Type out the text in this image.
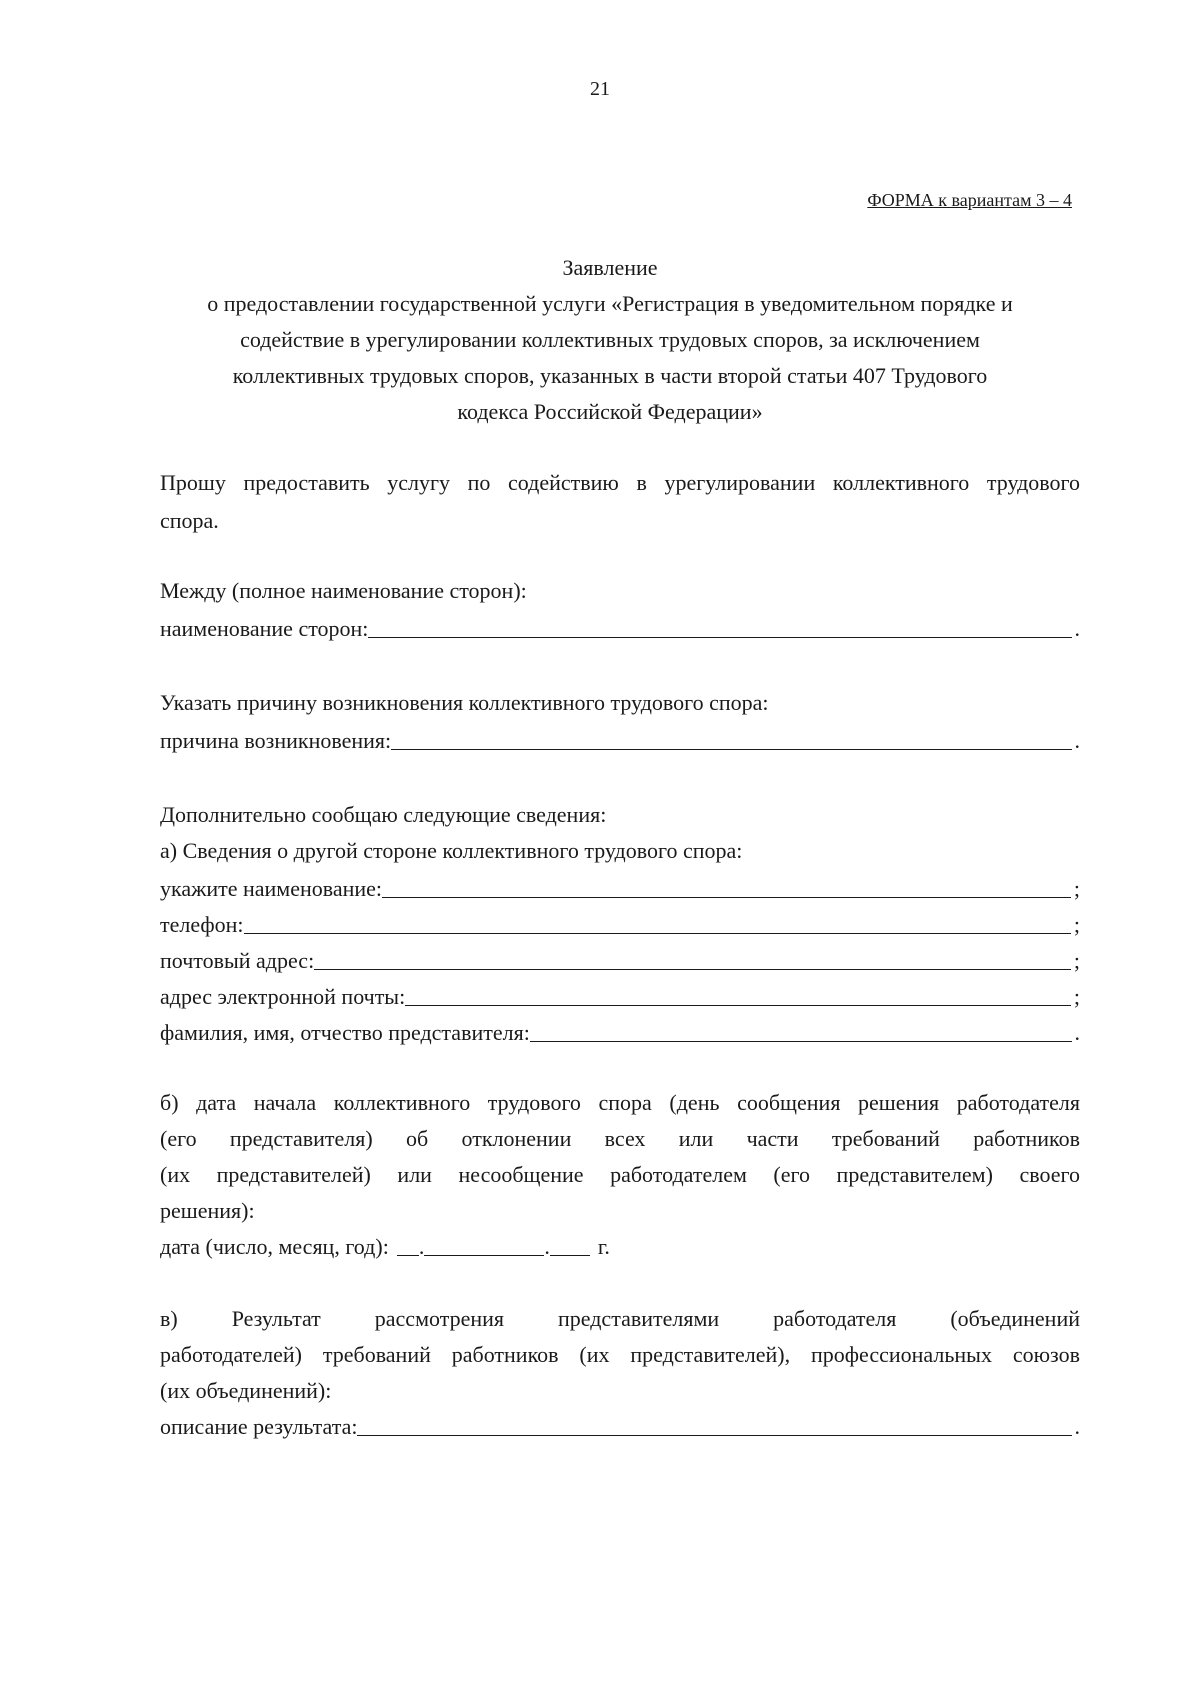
21
ФОРМА к вариантам 3 – 4
Заявление
о предоставлении государственной услуги «Регистрация в уведомительном порядке и
содействие в урегулировании коллективных трудовых споров, за исключением
коллективных трудовых споров, указанных в части второй статьи 407 Трудового
кодекса Российской Федерации»
Прошу предоставить услугу по содействию в урегулировании коллективного трудового
спора.
Между (полное наименование сторон):
наименование сторон:	.
Указать причину возникновения коллективного трудового спора:
причина возникновения:	.
Дополнительно сообщаю следующие сведения:
а) Сведения о другой стороне коллективного трудового спора:
укажите наименование:	;
телефон:	;
почтовый адрес:	;
адрес электронной почты:	;
фамилия, имя, отчество представителя:	.
б) дата начала коллективного трудового спора (день сообщения решения работодателя
(его представителя) об отклонении всех или части требований работников
(их представителей) или несообщение работодателем (его представителем) своего
решения):
дата (число, месяц, год): .	. г.
в) Результат рассмотрения представителями работодателя (объединений
работодателей) требований работников (их представителей), профессиональных союзов
(их объединений):
описание результата:	.
